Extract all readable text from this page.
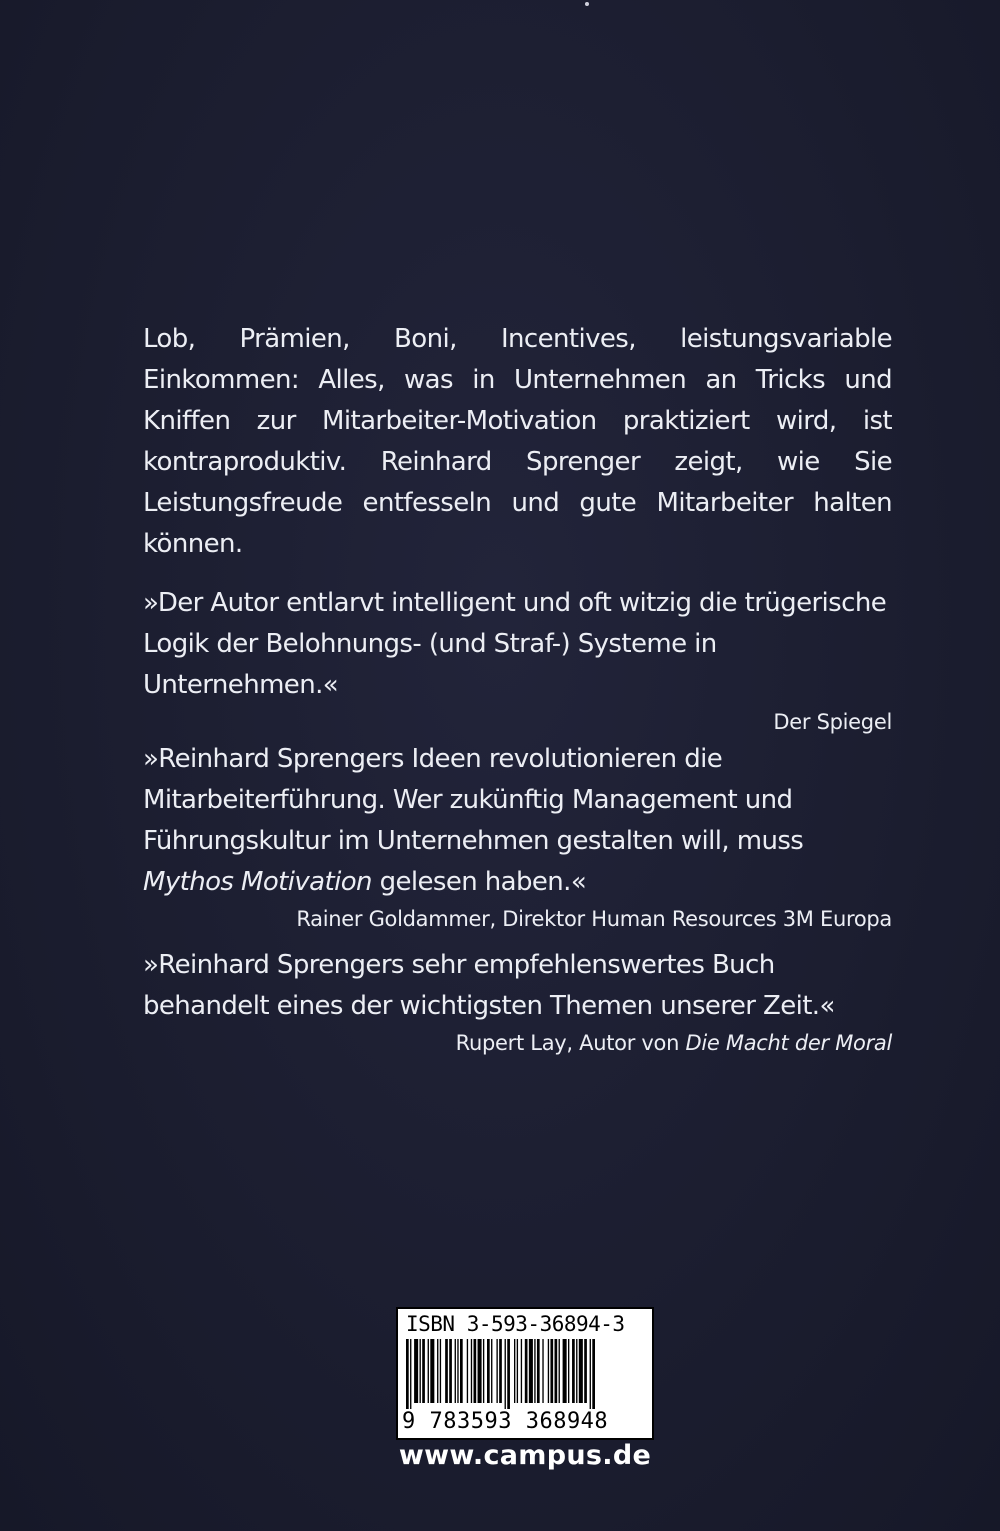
Lob, Prämien, Boni, Incentives, leistungsvariable Einkommen: Alles, was in Unternehmen an Tricks und Kniffen zur Mitarbeiter-Motivation praktiziert wird, ist kontraproduktiv. Reinhard Sprenger zeigt, wie Sie Leistungsfreude entfesseln und gute Mitarbeiter halten können.

»Der Autor entlarvt intelligent und oft witzig die trügerische Logik der Belohnungs- (und Straf-) Systeme in Unternehmen.«

Der Spiegel

»Reinhard Sprengers Ideen revolutionieren die Mitarbeiterführung. Wer zukünftig Management und Führungskultur im Unternehmen gestalten will, muss Mythos Motivation gelesen haben.«

Rainer Goldammer, Direktor Human Resources 3M Europa

»Reinhard Sprengers sehr empfehlenswertes Buch behandelt eines der wichtigsten Themen unserer Zeit.«

Rupert Lay, Autor von Die Macht der Moral
ISBN 3-593-36894-3
9 783593 368948
www.campus.de
